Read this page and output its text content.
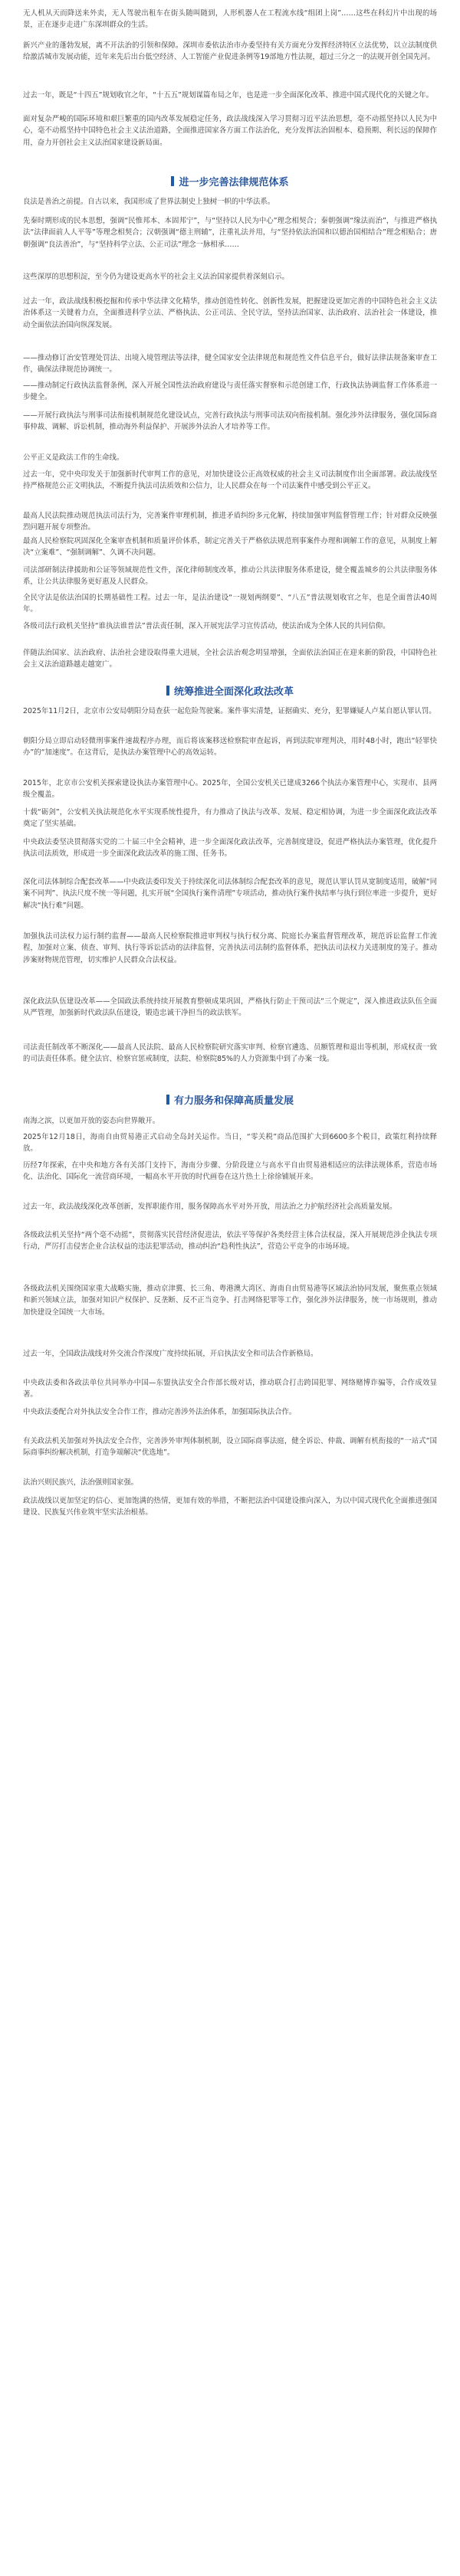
无人机从天而降送来外卖，无人驾驶出租车在街头随叫随到，人形机器人在工程流水线“组团上岗”……这些在科幻片中出现的场景，正在逐步走进广东深圳群众的生活。

新兴产业的蓬勃发展，离不开法治的引领和保障。深圳市委依法治市办委坚持有关方面充分发挥经济特区立法优势，以立法制度供给激活城市发展动能，近年来先后出台低空经济、人工智能产业促进条例等19部地方性法规，超过三分之一的法规开创全国先河。

过去一年，既是“十四五”规划收官之年，“十五五”规划谋篇布局之年，也是进一步全面深化改革、推进中国式现代化的关键之年。

面对复杂严峻的国际环境和艰巨繁重的国内改革发展稳定任务，政法战线深入学习贯彻习近平法治思想，毫不动摇坚持以人民为中心，毫不动摇坚持中国特色社会主义法治道路，全面推进国家各方面工作法治化，充分发挥法治固根本、稳预期、利长远的保障作用，奋力开创社会主义法治国家建设新局面。

进一步完善法律规范体系

良法是善治之前提。自古以来，我国形成了世界法制史上独树一帜的中华法系。

先秦时期形成的民本思想，强调“民惟邦本、本固邦宁”，与“坚持以人民为中心”理念相契合；秦朝强调“缘法而治”，与推进严格执法“法律面前人人平等”等理念相契合；汉朝强调“德主刑辅”，注重礼法并用，与“坚持依法治国和以德治国相结合”理念相贴合；唐朝强调“良法善治”，与“坚持科学立法、公正司法”理念一脉相承……

这些深厚的思想积淀，至今仍为建设更高水平的社会主义法治国家提供着深刻启示。

过去一年，政法战线积极挖掘和传承中华法律文化精华，推动创造性转化、创新性发展，把握建设更加完善的中国特色社会主义法治体系这一关键着力点，全面推进科学立法、严格执法、公正司法、全民守法，坚持法治国家、法治政府、法治社会一体建设，推动全面依法治国向纵深发展。

——推动修订治安管理处罚法、出境入境管理法等法律，健全国家安全法律规范和规范性文件信息平台，做好法律法规备案审查工作，确保法律规范协调统一。

——推动制定行政执法监督条例，深入开展全国性法治政府建设与责任落实督察和示范创建工作，行政执法协调监督工作体系进一步健全。

——开展行政执法与刑事司法衔接机制规范化建设试点，完善行政执法与刑事司法双向衔接机制。强化涉外法律服务，强化国际商事仲裁、调解、诉讼机制，推动海外利益保护、开展涉外法治人才培养等工作。

公平正义是政法工作的生命线。

过去一年，党中央印发关于加强新时代审判工作的意见，对加快建设公正高效权威的社会主义司法制度作出全面部署。政法战线坚持严格规范公正文明执法，不断提升执法司法质效和公信力，让人民群众在每一个司法案件中感受到公平正义。

最高人民法院推动规范执法司法行为，完善案件审理机制，推进矛盾纠纷多元化解，持续加强审判监督管理工作；针对群众反映强烈问题开展专项整治。

最高人民检察院巩固深化全案审查机制和质量评价体系，制定完善关于严格依法规范刑事案件办理和调解工作的意见，从制度上解决“立案难”、“强制调解”、久调不决问题。

司法部研制法律援助和公证等领域规范性文件，深化律师制度改革，推动公共法律服务体系建设，健全覆盖城乡的公共法律服务体系，让公共法律服务更好惠及人民群众。

全民守法是依法治国的长期基础性工程。过去一年，是法治建设“一规划两纲要”、“八五”普法规划收官之年，也是全面普法40周年。

各级司法行政机关坚持“谁执法谁普法”普法责任制，深入开展宪法学习宣传活动，使法治成为全体人民的共同信仰。

伴随法治国家、法治政府、法治社会建设取得重大进展，全社会法治观念明显增强，全面依法治国正在迎来新的阶段，中国特色社会主义法治道路越走越宽广。

统筹推进全面深化政法改革

2025年11月2日，北京市公安局朝阳分局查获一起危险驾驶案。案件事实清楚，证据确实、充分，犯罪嫌疑人卢某自愿认罪认罚。

朝阳分局立即启动轻微刑事案件速裁程序办理，而后将该案移送检察院审查起诉，再到法院审理判决，用时48小时，跑出“轻罪快办”的“加速度”。在这背后，是执法办案管理中心的高效运转。

2015年，北京市公安机关探索建设执法办案管理中心。2025年，全国公安机关已建成3266个执法办案管理中心，实现市、县两级全覆盖。

十载“砺剑”，公安机关执法规范化水平实现系统性提升，有力推动了执法与改革、发展、稳定相协调，为进一步全面深化政法改革奠定了坚实基础。

中央政法委坚决贯彻落实党的二十届三中全会精神，进一步全面深化政法改革，完善制度建设，促进严格执法办案管理，优化提升执法司法质效，形成进一步全面深化政法改革的施工图、任务书。

深化司法体制综合配套改革——中央政法委印发关于持续深化司法体制综合配套改革的意见，规范认罪认罚从宽制度适用，破解“同案不同判”、执法尺度不统一等问题，扎实开展“全国执行案件清理”专项活动，推动执行案件执结率与执行到位率进一步提升，更好解决“执行难”问题。

加强执法司法权力运行制约监督——最高人民检察院推进审判权与执行权分离、院庭长办案监督管理改革，规范诉讼监督工作流程，加强对立案、侦查、审判、执行等诉讼活动的法律监督，完善执法司法制约监督体系，把执法司法权力关进制度的笼子。推动涉案财物规范管理，切实维护人民群众合法权益。

深化政法队伍建设改革——全国政法系统持续开展教育整顿成果巩固，严格执行防止干预司法“三个规定”，深入推进政法队伍全面从严管理，加强新时代政法队伍建设，锻造忠诚干净担当的政法铁军。

司法责任制改革不断深化——最高人民法院、最高人民检察院研究落实审判、检察官遴选、员额管理和退出等机制，形成权责一致的司法责任体系。健全法官、检察官惩戒制度，法院、检察院85%的人力资源集中到了办案一线。

有力服务和保障高质量发展

南海之滨，以更加开放的姿态向世界敞开。

2025年12月18日，海南自由贸易港正式启动全岛封关运作。当日，“零关税”商品范围扩大到6600多个税目，政策红利持续释放。

历经7年探索，在中央和地方各有关部门支持下，海南分步骤、分阶段建立与高水平自由贸易港相适应的法律法规体系，营造市场化、法治化、国际化一流营商环境，一幅高水平开放的时代画卷在这片热土上徐徐铺展开来。

过去一年，政法战线深化改革创新，发挥职能作用，服务保障高水平对外开放，用法治之力护航经济社会高质量发展。

各级政法机关坚持“两个毫不动摇”，贯彻落实民营经济促进法，依法平等保护各类经营主体合法权益，深入开展规范涉企执法专项行动，严厉打击侵害企业合法权益的违法犯罪活动，推动纠治“趋利性执法”，营造公平竞争的市场环境。

各级政法机关围绕国家重大战略实施，推动京津冀、长三角、粤港澳大湾区、海南自由贸易港等区域法治协同发展，聚焦重点领域和新兴领域立法，加强对知识产权保护、反垄断、反不正当竞争、打击网络犯罪等工作，强化涉外法律服务，统一市场规则，推动加快建设全国统一大市场。

过去一年，全国政法战线对外交流合作深度广度持续拓展，开启执法安全和司法合作新格局。

中央政法委和各政法单位共同举办中国—东盟执法安全合作部长级对话，推动联合打击跨国犯罪、网络赌博诈骗等，合作成效显著。

中央政法委配合对外执法安全合作工作，推动完善涉外法治体系，加强国际执法合作。

有关政法机关加强对外执法安全合作，完善涉外审判体制机制，设立国际商事法庭，健全诉讼、仲裁、调解有机衔接的“一站式”国际商事纠纷解决机制，打造争端解决“优选地”。

法治兴则民族兴，法治强则国家强。

政法战线以更加坚定的信心、更加饱满的热情，更加有效的举措，不断把法治中国建设推向深入，为以中国式现代化全面推进强国建设、民族复兴伟业筑牢坚实法治根基。
